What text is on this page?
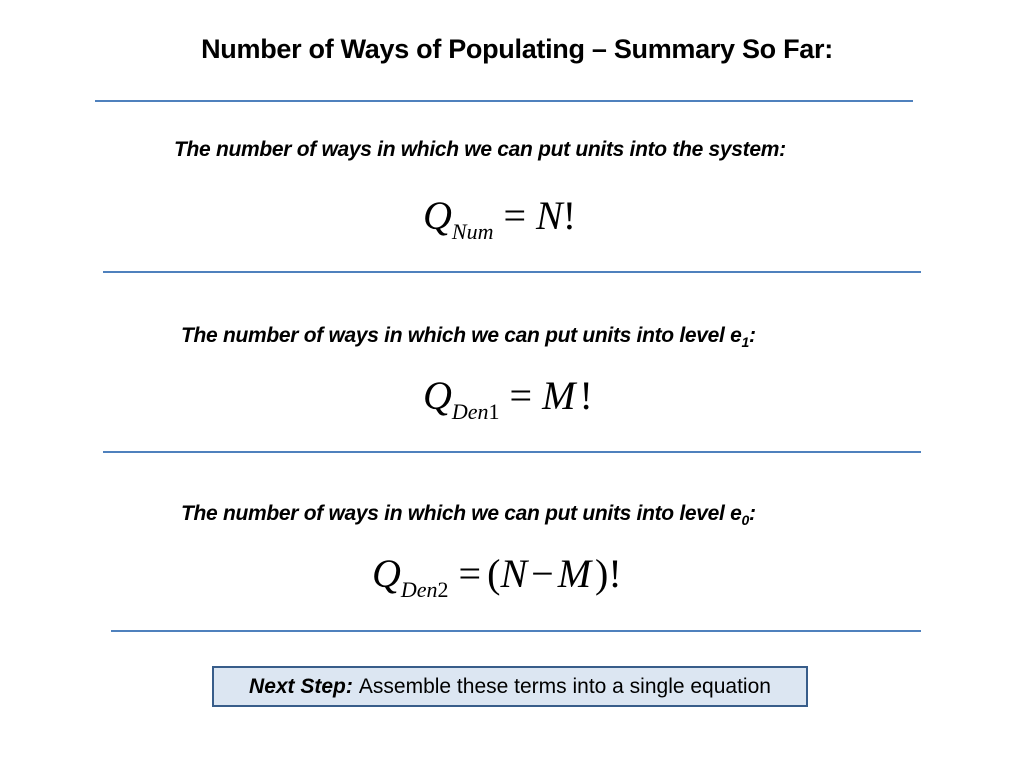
Number of Ways of Populating – Summary So Far:
The number of ways in which we can put units into the system:
$Q_{Num} = N$!
The number of ways in which we can put units into level $e_1$:
$Q_{Den1} = M$ !
The number of ways in which we can put units into level $e_0$:
$Q_{Den2} = (N - M$ )!
Next Step: Assemble these terms into a single equation
